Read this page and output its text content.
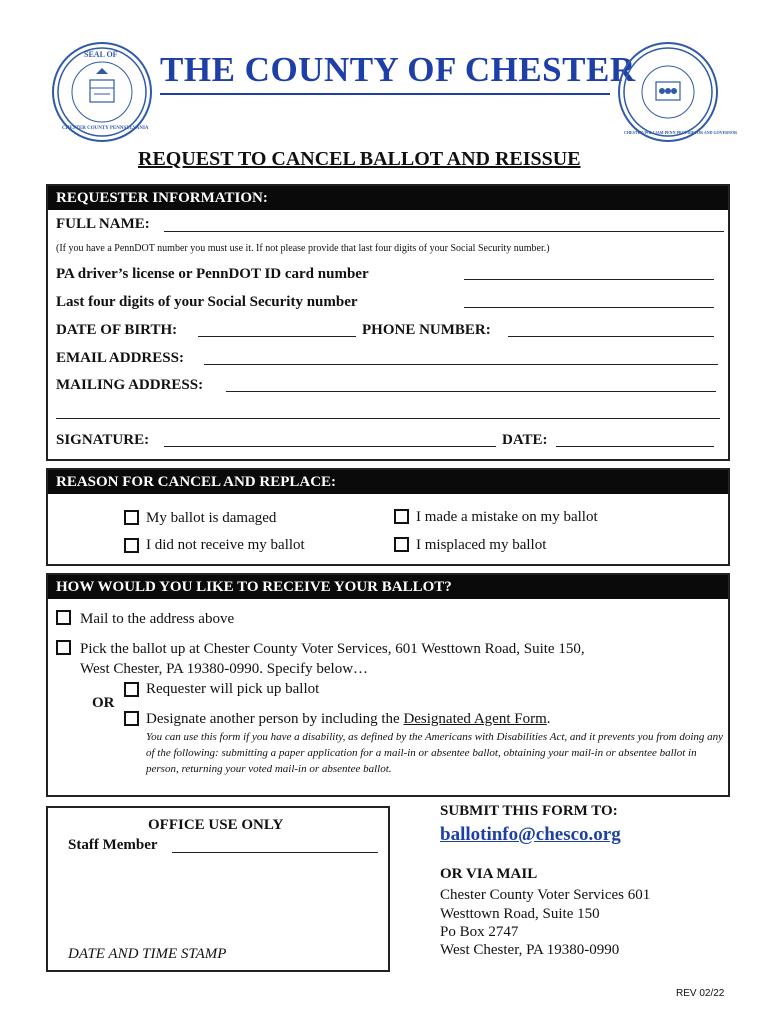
SEAL OF
CHESTER COUNTY PENNSYLVANIA
THE COUNTY OF CHESTER
CHESTER-WILLIAM PENN PROPRIETOR AND GOVERNOR
REQUEST TO CANCEL BALLOT AND REISSUE
REQUESTER INFORMATION:
FULL NAME:
(If you have a PennDOT number you must use it. If not please provide that last four digits of your Social Security number.)
PA driver’s license or PennDOT ID card number
Last four digits of your Social Security number
DATE OF BIRTH:	PHONE NUMBER:
EMAIL ADDRESS:
MAILING ADDRESS:
SIGNATURE:	DATE:
REASON FOR CANCEL AND REPLACE:
My ballot is damaged	I made a mistake on my ballot
I did not receive my ballot	I misplaced my ballot
HOW WOULD YOU LIKE TO RECEIVE YOUR BALLOT?
Mail to the address above
Pick the ballot up at Chester County Voter Services, 601 Westtown Road, Suite 150,
West Chester, PA 19380-0990. Specify below…
Requester will pick up ballot
OR
Designate another person by including the Designated Agent Form.
You can use this form if you have a disability, as defined by the Americans with Disabilities Act, and it prevents you from doing any of the following: submitting a paper application for a mail-in or absentee ballot, obtaining your mail-in or absentee ballot in person, returning your voted mail-in or absentee ballot.
OFFICE USE ONLY
Staff Member
DATE AND TIME STAMP
SUBMIT THIS FORM TO:
ballotinfo@chesco.org
OR VIA MAIL
Chester County Voter Services 601
Westtown Road, Suite 150
Po Box 2747
West Chester, PA 19380-0990
REV 02/22
